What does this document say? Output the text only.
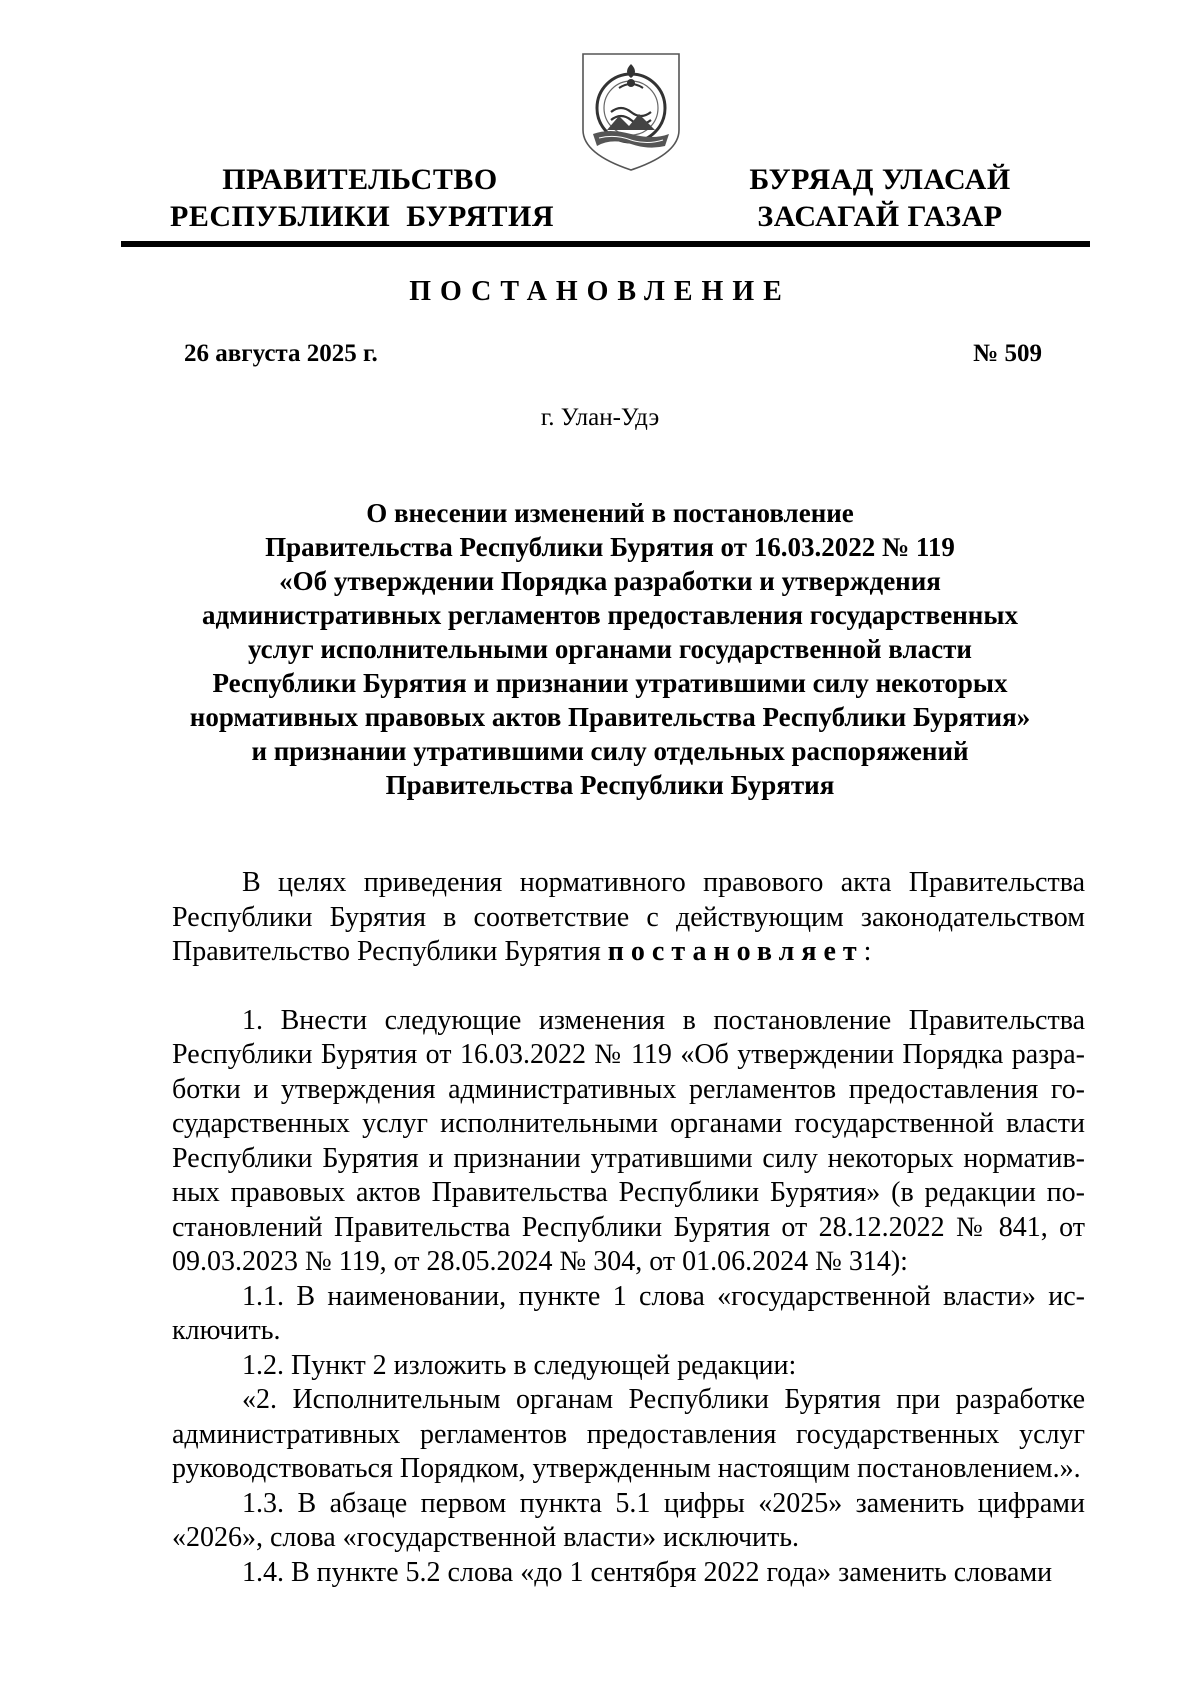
ПРАВИТЕЛЬСТВО
РЕСПУБЛИКИ  БУРЯТИЯ
БУРЯАД УЛАСАЙ
ЗАСАГАЙ ГАЗАР
ПОСТАНОВЛЕНИЕ
26 августа 2025 г.	№ 509
г. Улан-Удэ
О внесении изменений в постановление
Правительства Республики Бурятия от 16.03.2022 № 119
«Об утверждении Порядка разработки и утверждения
административных регламентов предоставления государственных
услуг исполнительными органами государственной власти
Республики Бурятия и признании утратившими силу некоторых
нормативных правовых актов Правительства Республики Бурятия»
и признании утратившими силу отдельных распоряжений
Правительства Республики Бурятия

В целях приведения нормативного правового акта Правительства Республики Бурятия в соответствие с действующим законодательством Правительство Республики Бурятия постановляет:

1. Внести следующие изменения в постановление Правительства Республики Бурятия от 16.03.2022 № 119 «Об утверждении Порядка разработки и утверждения административных регламентов предоставления государственных услуг исполнительными органами государственной власти Республики Бурятия и признании утратившими силу некоторых нормативных правовых актов Правительства Республики Бурятия» (в редакции постановлений Правительства Республики Бурятия от 28.12.2022 № 841, от 09.03.2023 № 119, от 28.05.2024 № 304, от 01.06.2024 № 314):

1.1. В наименовании, пункте 1 слова «государственной власти» исключить.

1.2. Пункт 2 изложить в следующей редакции:

«2. Исполнительным органам Республики Бурятия при разработке административных регламентов предоставления государственных услуг руководствоваться Порядком, утвержденным настоящим постановлением.».

1.3. В абзаце первом пункта 5.1 цифры «2025» заменить цифрами «2026», слова «государственной власти» исключить.

1.4. В пункте 5.2 слова «до 1 сентября 2022 года» заменить словами
